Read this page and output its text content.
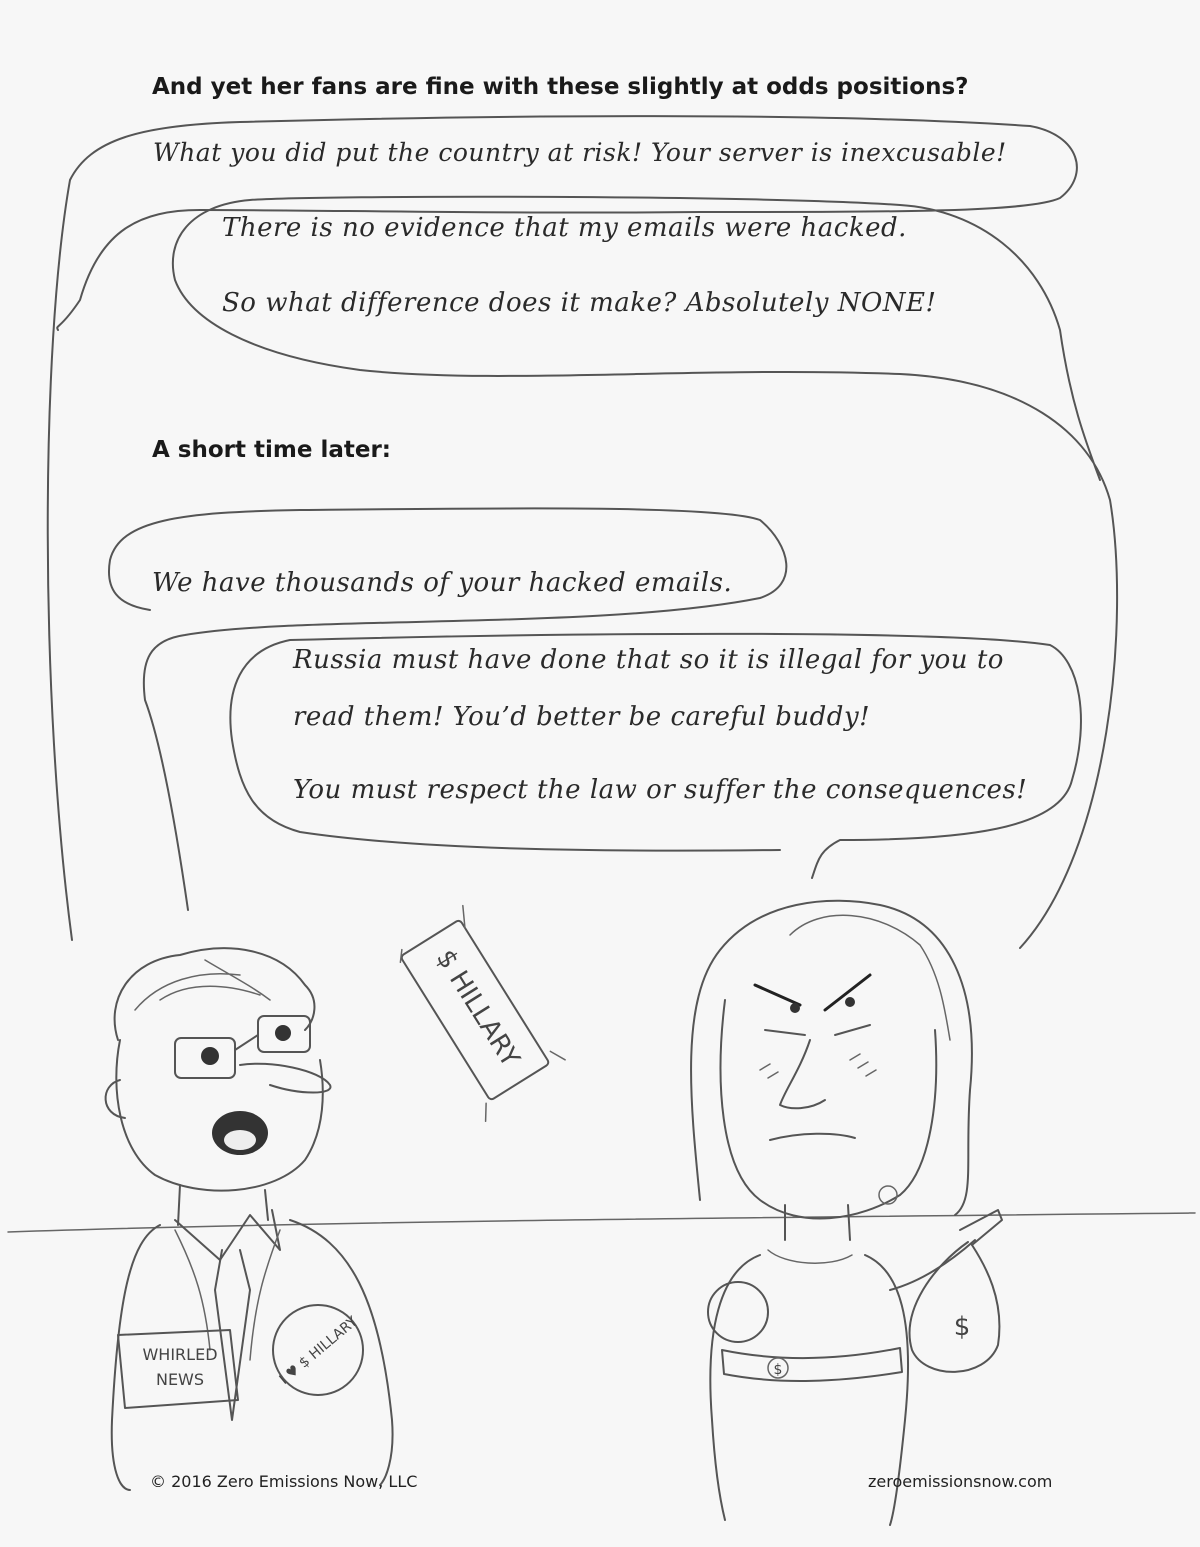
$ HILLARY
WHIRLED
NEWS	I ♥ $ HILLARY	$
$

And yet her fans are fine with these slightly at odds positions?

A short time later:

What you did put the country at risk! Your server is inexcusable!

There is no evidence that my emails were hacked.

So what difference does it make? Absolutely NONE!

We have thousands of your hacked emails.

Russia must have done that so it is illegal for you to

read them! You’d better be careful buddy!

You must respect the law or suffer the consequences!

© 2016 Zero Emissions Now, LLC	zeroemissionsnow.com
